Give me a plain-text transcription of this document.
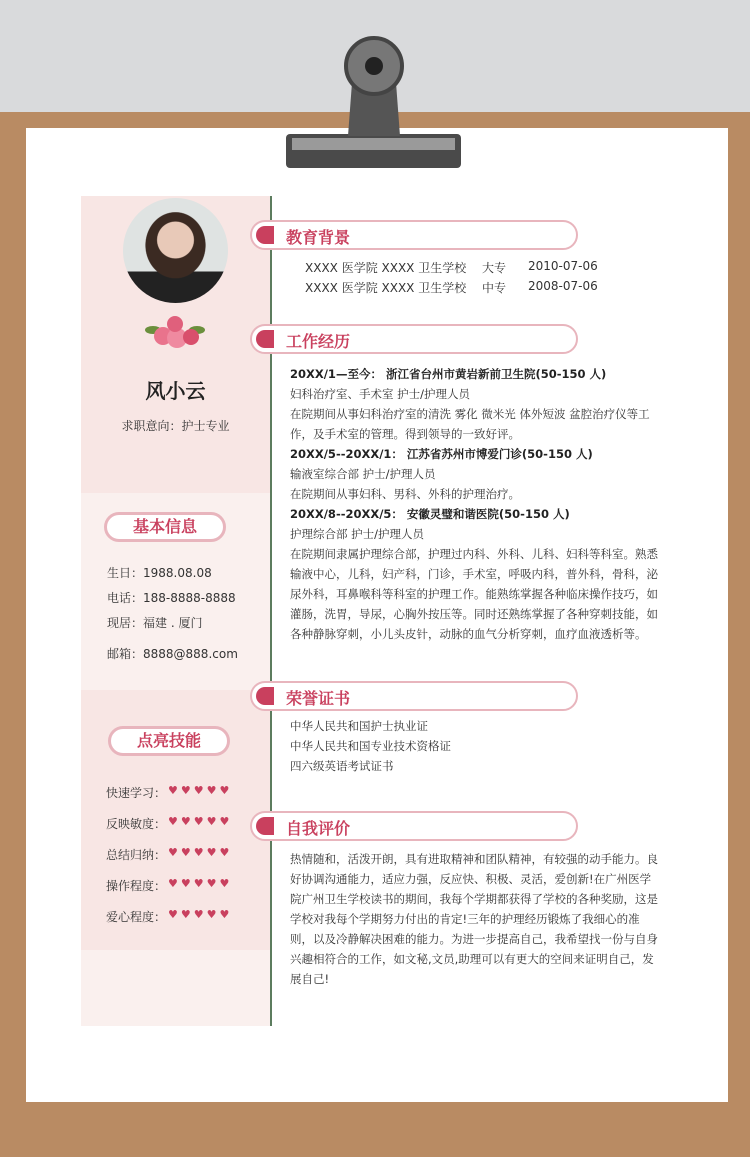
风小云
求职意向：护士专业
基本信息
生日：1988.08.08
电话：188-8888-8888
现居：福建 . 厦门
邮箱：8888@888.com
点亮技能
快速学习： ♥♥♥♥♥
反映敏度： ♥♥♥♥♥
总结归纳： ♥♥♥♥♥
操作程度： ♥♥♥♥♥
爱心程度： ♥♥♥♥♥
教育背景
XXXX 医学院 XXXX 卫生学校 大专 2010-07-06
XXXX 医学院 XXXX 卫生学校 中专 2008-07-06
工作经历
20XX/1—至今： 浙江省台州市黄岩新前卫生院(50-150 人)
妇科治疗室、手术室 护士/护理人员
在院期间从事妇科治疗室的清洗 雾化 微米光 体外短波 盆腔治疗仪等工作，及手术室的管理。得到领导的一致好评。
20XX/5--20XX/1： 江苏省苏州市博爱门诊(50-150 人)
输液室综合部 护士/护理人员
在院期间从事妇科、男科、外科的护理治疗。
20XX/8--20XX/5： 安徽灵璧和谐医院(50-150 人)
护理综合部 护士/护理人员
在院期间隶属护理综合部，护理过内科、外科、儿科、妇科等科室。熟悉输液中心，儿科，妇产科，门诊，手术室，呼吸内科，普外科，骨科，泌尿外科，耳鼻喉科等科室的护理工作。能熟练掌握各种临床操作技巧，如灌肠，洗胃，导尿，心胸外按压等。同时还熟练掌握了各种穿刺技能，如各种静脉穿刺，小儿头皮针，动脉的血气分析穿刺，血疗血液透析等。
荣誉证书
中华人民共和国护士执业证
中华人民共和国专业技术资格证
四六级英语考试证书
自我评价
热情随和，活泼开朗，具有进取精神和团队精神，有较强的动手能力。良好协调沟通能力，适应力强，反应快、积极、灵活，爱创新!在广州医学院广州卫生学校读书的期间，我每个学期都获得了学校的各种奖励，这是学校对我每个学期努力付出的肯定!三年的护理经历锻炼了我细心的准则，以及冷静解决困难的能力。为进一步提高自己，我希望找一份与自身兴趣相符合的工作，如文秘,文员,助理可以有更大的空间来证明自己，发展自己!
